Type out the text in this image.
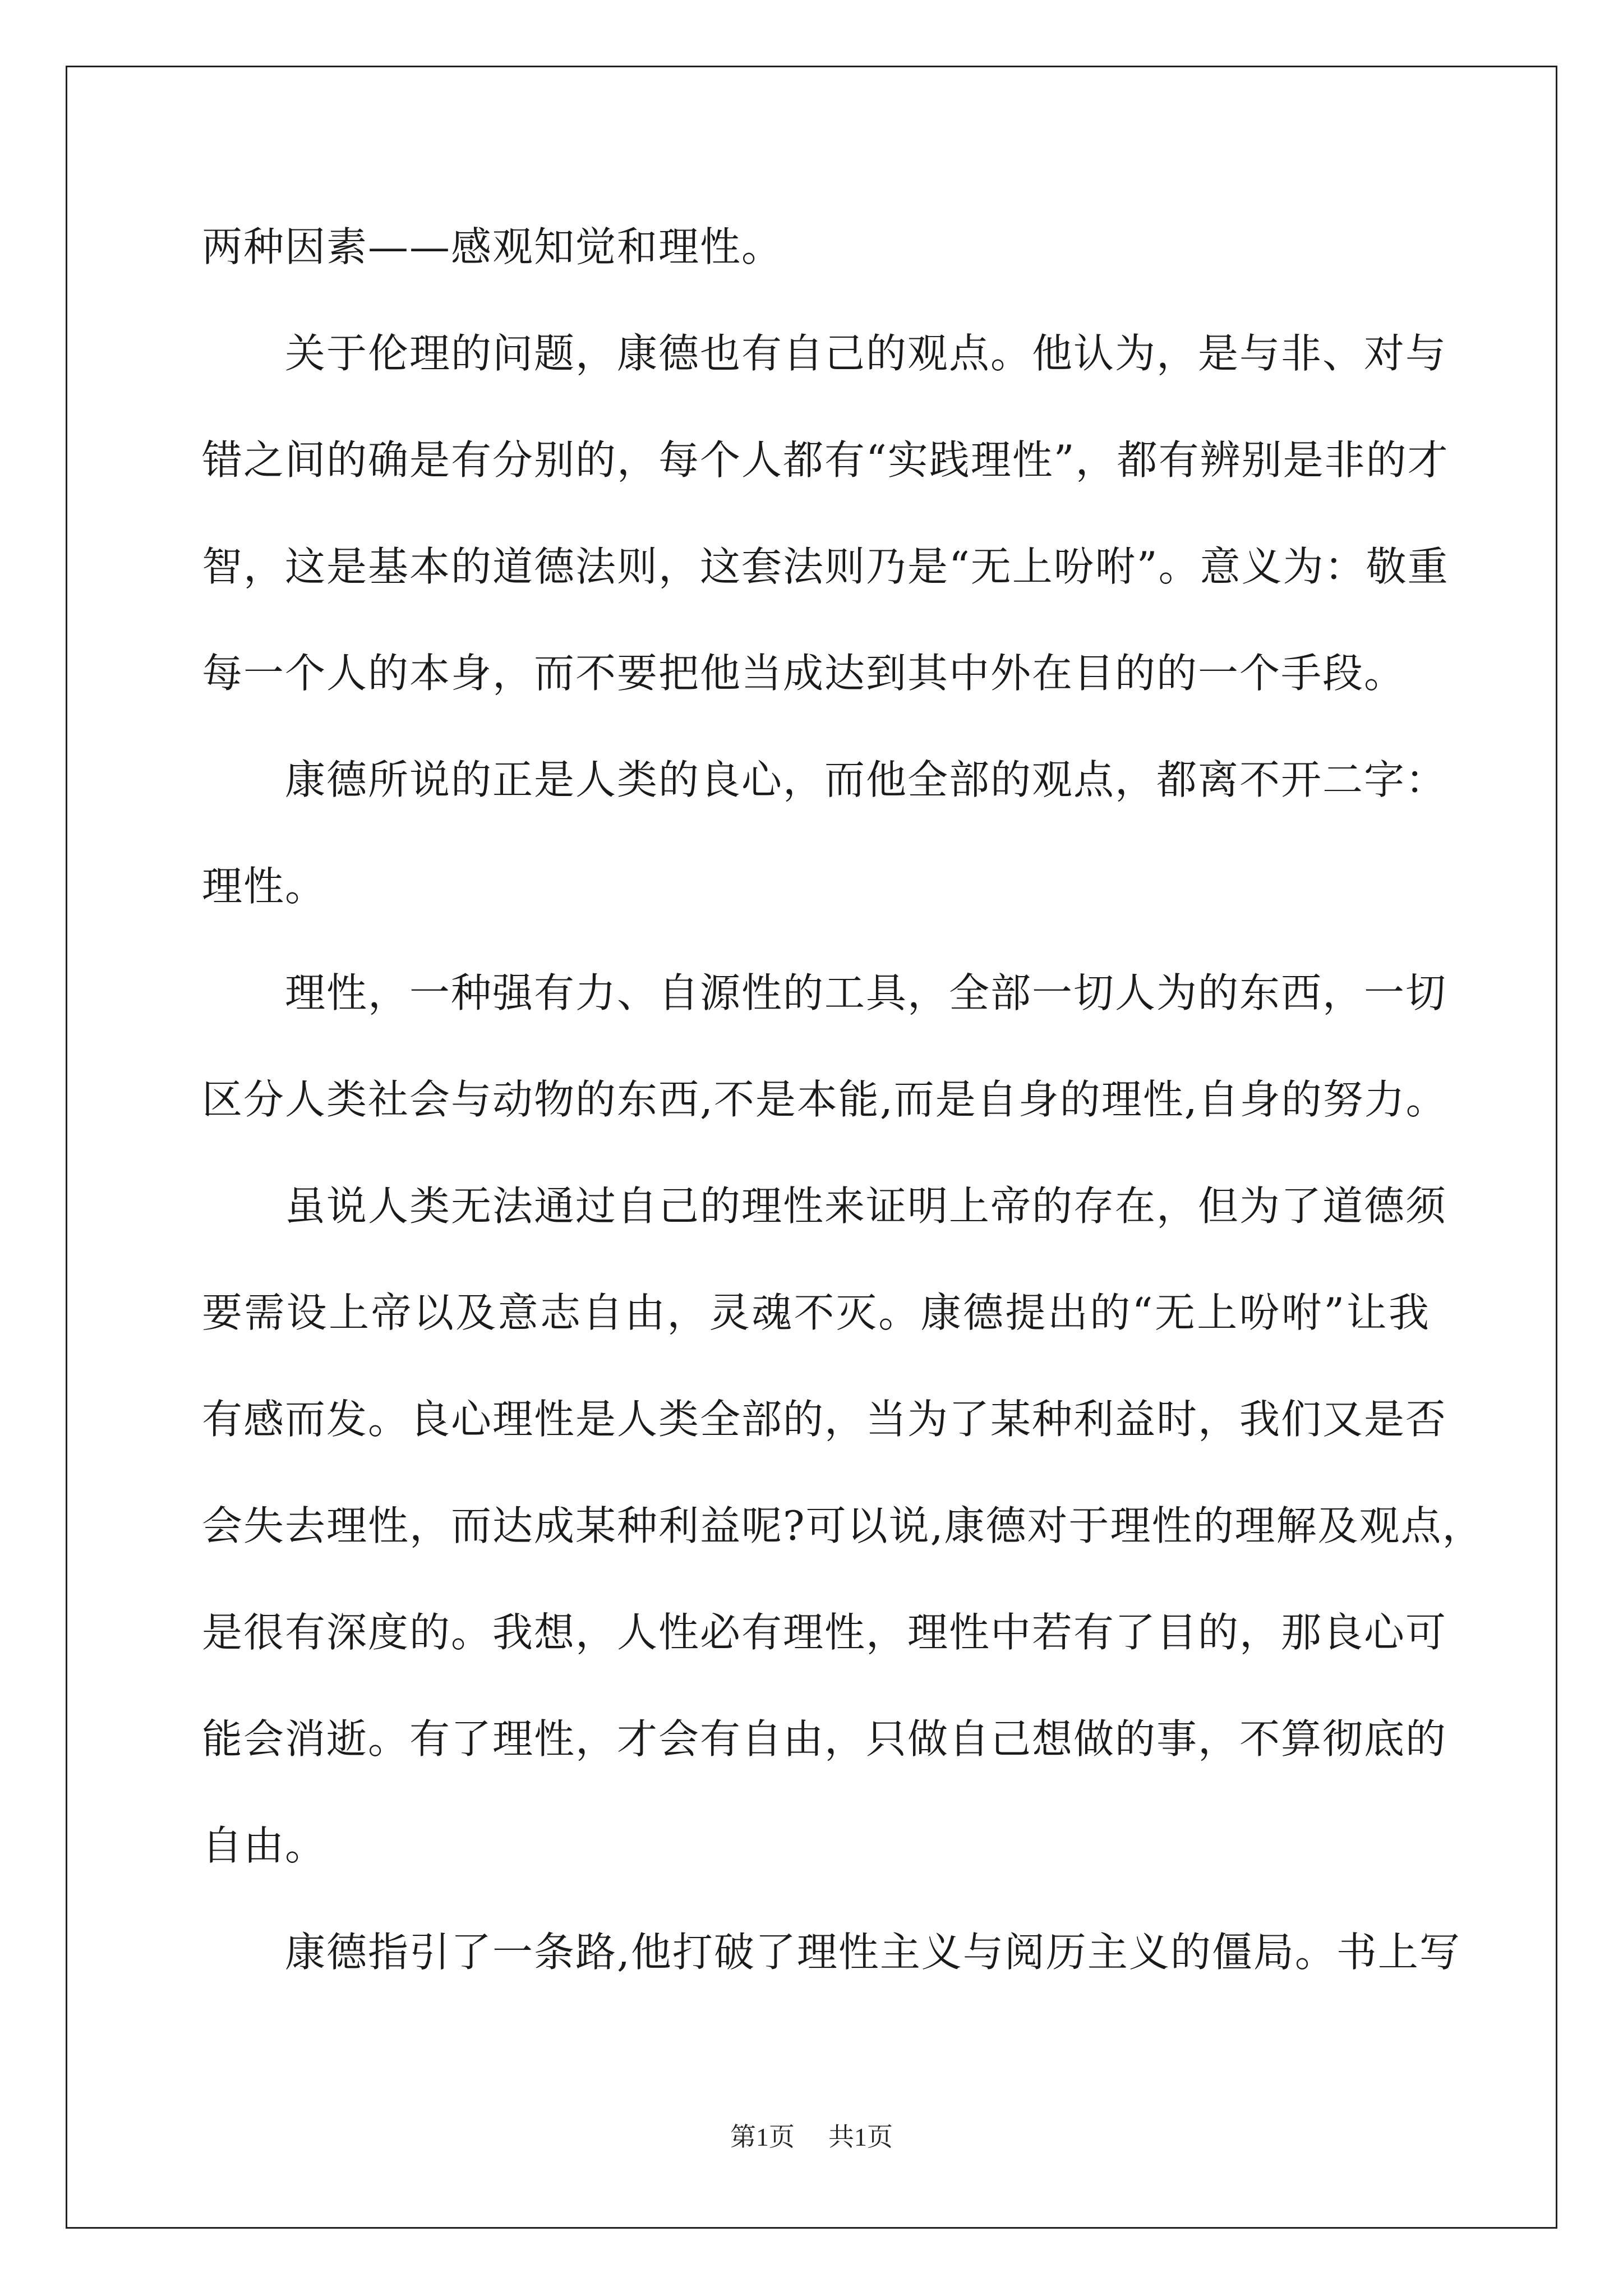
两种因素——感观知觉和理性。
关于伦理的问题，康德也有自己的观点。他认为，是与非、对与
错之间的确是有分别的，每个人都有“实践理性”，都有辨别是非的才
智，这是基本的道德法则，这套法则乃是“无上吩咐”。意义为：敬重
每一个人的本身，而不要把他当成达到其中外在目的的一个手段。
康德所说的正是人类的良心，而他全部的观点，都离不开二字：
理性。
理性，一种强有力、自源性的工具，全部一切人为的东西，一切
区分人类社会与动物的东西,不是本能,而是自身的理性,自身的努力。
虽说人类无法通过自己的理性来证明上帝的存在，但为了道德须
要需设上帝以及意志自由，灵魂不灭。康德提出的“无上吩咐”让我
有感而发。良心理性是人类全部的，当为了某种利益时，我们又是否
会失去理性，而达成某种利益呢?可以说,康德对于理性的理解及观点，
是很有深度的。我想，人性必有理性，理性中若有了目的，那良心可
能会消逝。有了理性，才会有自由，只做自己想做的事，不算彻底的
自由。
康德指引了一条路,他打破了理性主义与阅历主义的僵局。书上写
第1页 共1页
